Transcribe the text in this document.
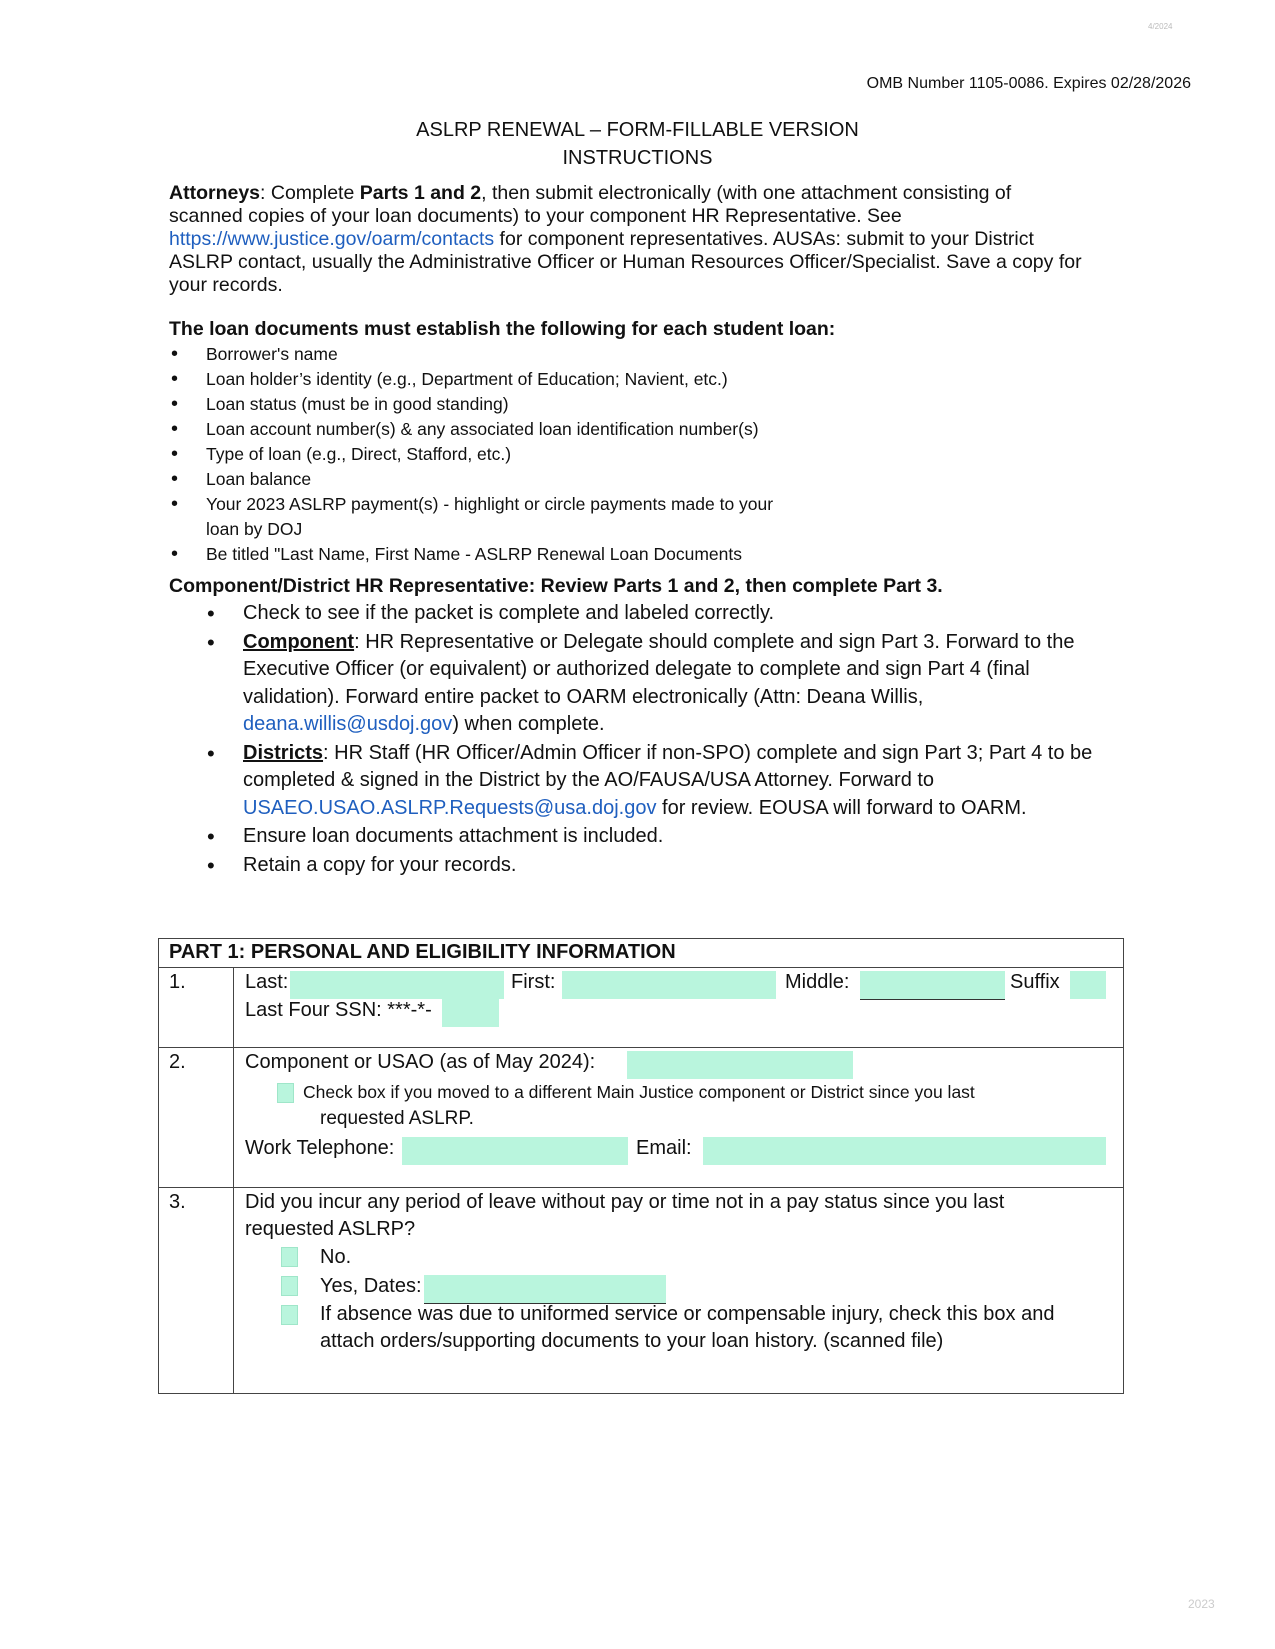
4/2024
OMB Number 1105-0086. Expires 02/28/2026
ASLRP RENEWAL – FORM-FILLABLE VERSION
INSTRUCTIONS
Attorneys: Complete Parts 1 and 2, then submit electronically (with one attachment consisting of scanned copies of your loan documents) to your component HR Representative. See https://www.justice.gov/oarm/contacts for component representatives. AUSAs: submit to your District ASLRP contact, usually the Administrative Officer or Human Resources Officer/Specialist. Save a copy for your records.
The loan documents must establish the following for each student loan:
• Borrower's name
• Loan holder’s identity (e.g., Department of Education; Navient, etc.)
• Loan status (must be in good standing)
• Loan account number(s) & any associated loan identification number(s)
• Type of loan (e.g., Direct, Stafford, etc.)
• Loan balance
• Your 2023 ASLRP payment(s) - highlight or circle payments made to your loan by DOJ
• Be titled "Last Name, First Name - ASLRP Renewal Loan Documents
Component/District HR Representative: Review Parts 1 and 2, then complete Part 3.
• Check to see if the packet is complete and labeled correctly.
• Component: HR Representative or Delegate should complete and sign Part 3. Forward to the Executive Officer (or equivalent) or authorized delegate to complete and sign Part 4 (final validation). Forward entire packet to OARM electronically (Attn: Deana Willis, deana.willis@usdoj.gov) when complete.
• Districts: HR Staff (HR Officer/Admin Officer if non-SPO) complete and sign Part 3; Part 4 to be completed & signed in the District by the AO/FAUSA/USA Attorney. Forward to USAEO.USAO.ASLRP.Requests@usa.doj.gov for review. EOUSA will forward to OARM.
• Ensure loan documents attachment is included.
• Retain a copy for your records.
PART 1: PERSONAL AND ELIGIBILITY INFORMATION
1.	Last:	First:	Middle:	Suffix
Last Four SSN: ***-*-
2.	Component or USAO (as of May 2024):
Check box if you moved to a different Main Justice component or District since you last
requested ASLRP.
Work Telephone:	Email:
3.	Did you incur any period of leave without pay or time not in a pay status since you last requested ASLRP?
No.
Yes, Dates:
If absence was due to uniformed service or compensable injury, check this box and attach orders/supporting documents to your loan history. (scanned file)
2023
